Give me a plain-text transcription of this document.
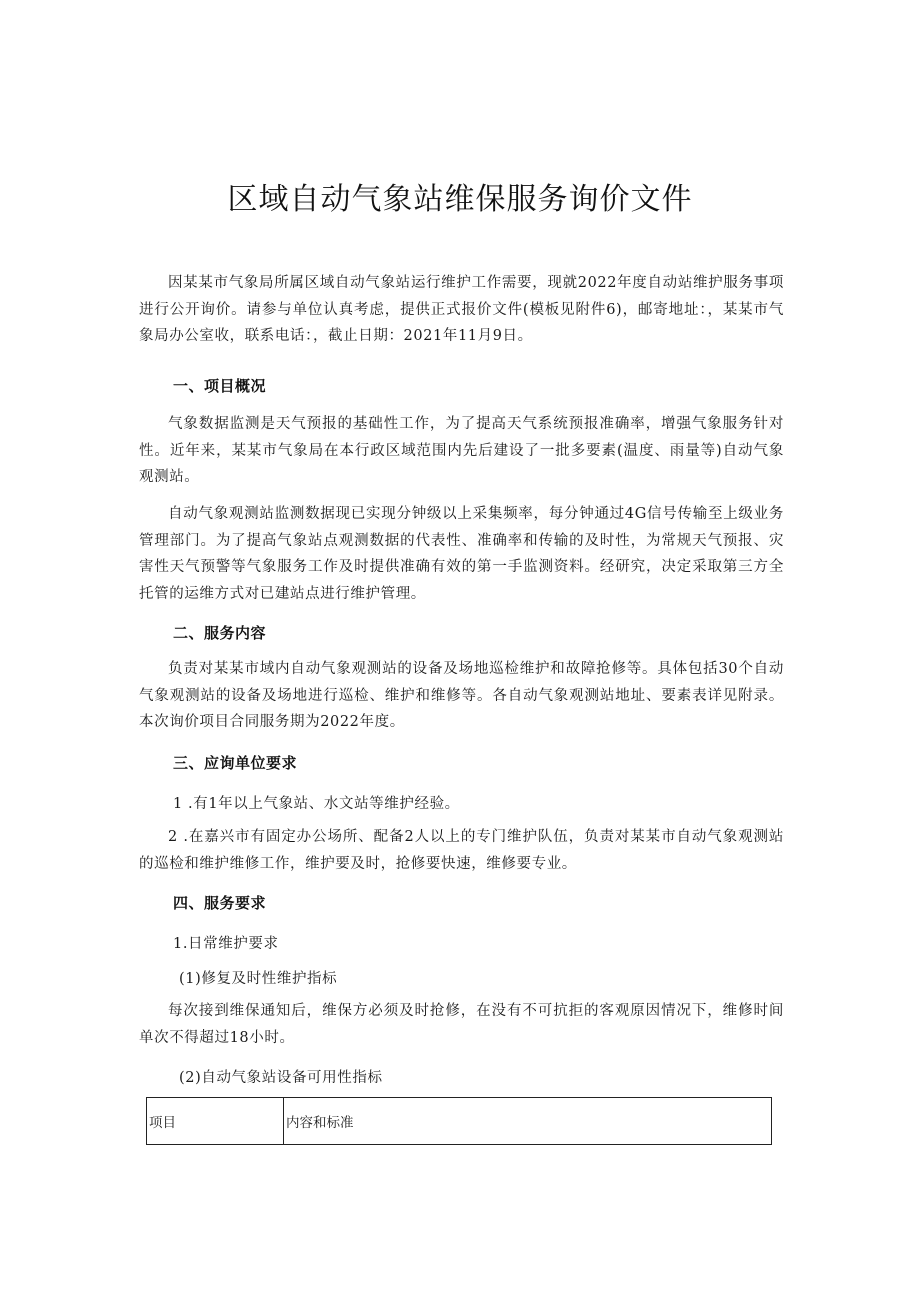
区域自动气象站维保服务询价文件
因某某市气象局所属区域自动气象站运行维护工作需要，现就2022年度自动站维护服务事项进行公开询价。请参与单位认真考虑，提供正式报价文件(模板见附件6)，邮寄地址：，某某市气象局办公室收，联系电话：，截止日期：2021年11月9日。
一、项目概况
气象数据监测是天气预报的基础性工作，为了提高天气系统预报准确率，增强气象服务针对性。近年来，某某市气象局在本行政区域范围内先后建设了一批多要素(温度、雨量等)自动气象观测站。
自动气象观测站监测数据现已实现分钟级以上采集频率，每分钟通过4G信号传输至上级业务管理部门。为了提高气象站点观测数据的代表性、准确率和传输的及时性，为常规天气预报、灾害性天气预警等气象服务工作及时提供准确有效的第一手监测资料。经研究，决定采取第三方全托管的运维方式对已建站点进行维护管理。
二、服务内容
负责对某某市域内自动气象观测站的设备及场地巡检维护和故障抢修等。具体包括30个自动气象观测站的设备及场地进行巡检、维护和维修等。各自动气象观测站地址、要素表详见附录。本次询价项目合同服务期为2022年度。
三、应询单位要求
1 .有1年以上气象站、水文站等维护经验。
2 .在嘉兴市有固定办公场所、配备2人以上的专门维护队伍，负责对某某市自动气象观测站的巡检和维护维修工作，维护要及时，抢修要快速，维修要专业。
四、服务要求
1.日常维护要求
(1)修复及时性维护指标
每次接到维保通知后，维保方必须及时抢修，在没有不可抗拒的客观原因情况下，维修时间单次不得超过18小时。
(2)自动气象站设备可用性指标
项目	内容和标准
